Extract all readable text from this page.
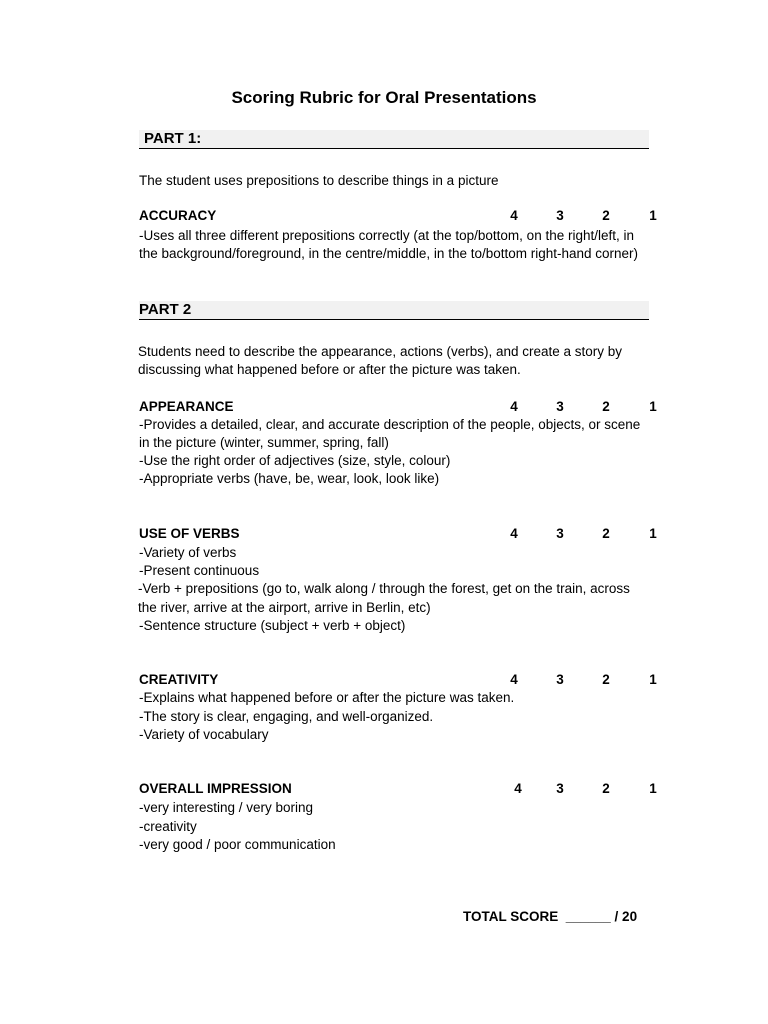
Scoring Rubric for Oral Presentations
PART 1:
The student uses prepositions to describe things in a picture
ACCURACY	4	3	2	1
-Uses all three different prepositions correctly (at the top/bottom, on the right/left, in
the background/foreground, in the centre/middle, in the to/bottom right-hand corner)
PART 2
Students need to describe the appearance, actions (verbs), and create a story by
discussing what happened before or after the picture was taken.
APPEARANCE	4	3	2	1
-Provides a detailed, clear, and accurate description of the people, objects, or scene
in the picture (winter, summer, spring, fall)
-Use the right order of adjectives (size, style, colour)
-Appropriate verbs (have, be, wear, look, look like)
USE OF VERBS	4	3	2	1
-Variety of verbs
-Present continuous
-Verb + prepositions (go to, walk along / through the forest, get on the train, across
the river, arrive at the airport, arrive in Berlin, etc)
-Sentence structure (subject + verb + object)
CREATIVITY	4	3	2	1
-Explains what happened before or after the picture was taken.
-The story is clear, engaging, and well-organized.
-Variety of vocabulary
OVERALL IMPRESSION	4	3	2	1
-very interesting / very boring
-creativity
-very good / poor communication
TOTAL SCORE  ______ / 20
